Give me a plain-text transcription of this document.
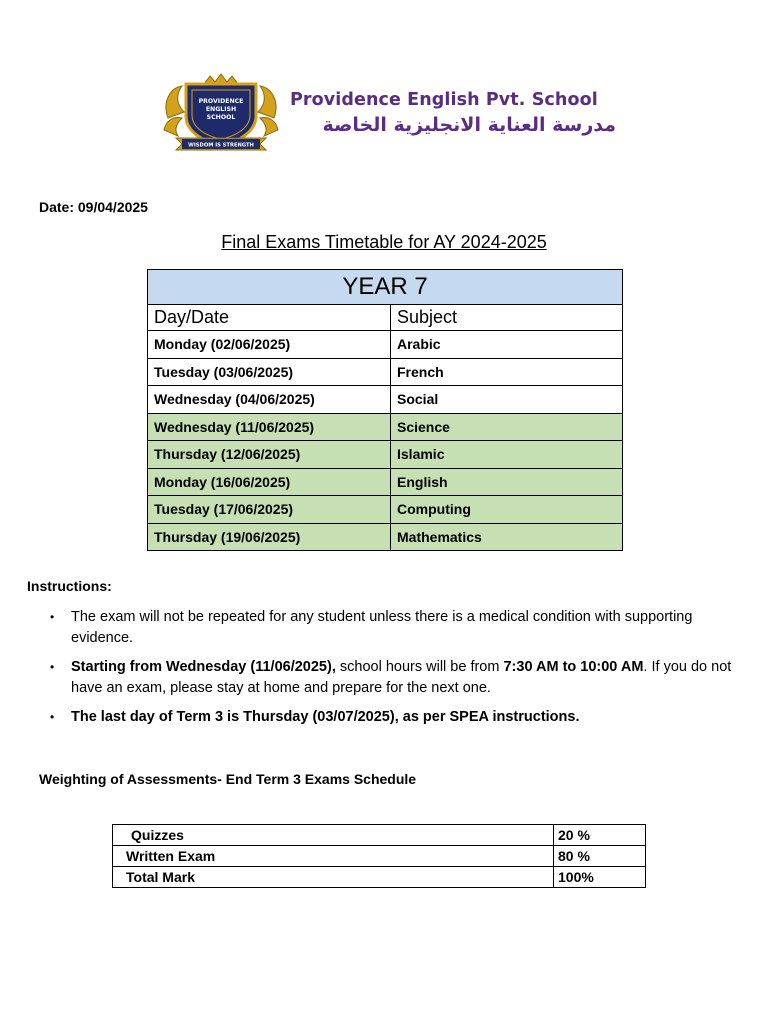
PROVIDENCE
ENGLISH
SCHOOL
WISDOM IS STRENGTH
Providence English Pvt. School
مدرسة العناية الانجليزية الخاصة
Date: 09/04/2025
Final Exams Timetable for AY 2024-2025
YEAR 7	
Day/Date	Subject
Monday (02/06/2025)	Arabic
Tuesday (03/06/2025)	French
Wednesday (04/06/2025)	Social
Wednesday (11/06/2025)	Science
Thursday (12/06/2025)	Islamic
Monday (16/06/2025)	English
Tuesday (17/06/2025)	Computing
Thursday (19/06/2025)	Mathematics
Instructions:
• The exam will not be repeated for any student unless there is a medical condition with supporting evidence.
• Starting from Wednesday (11/06/2025), school hours will be from 7:30 AM to 10:00 AM. If you do not have an exam, please stay at home and prepare for the next one.
• The last day of Term 3 is Thursday (03/07/2025), as per SPEA instructions.
Weighting of Assessments- End Term 3 Exams Schedule
Quizzes	20 %
Written Exam	80 %
Total Mark	100%
